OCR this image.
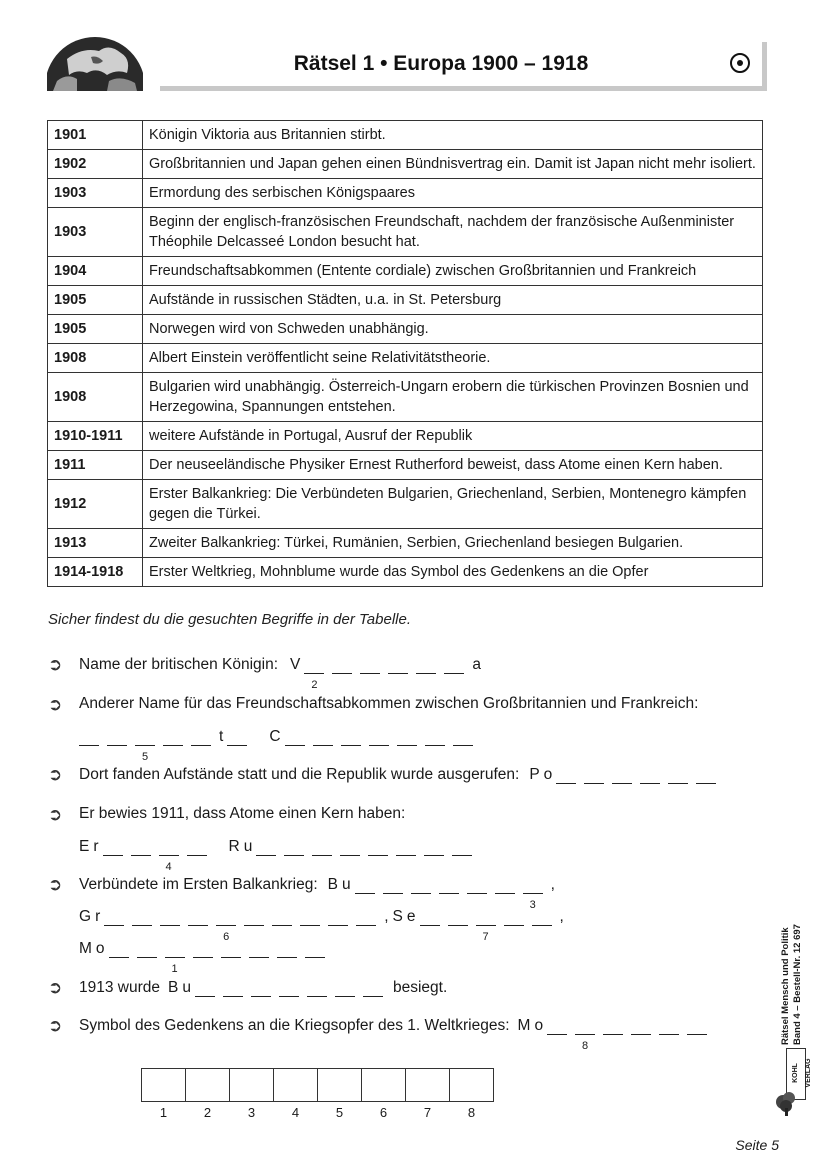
Rätsel 1 • Europa 1900 – 1918
1901	Königin Viktoria aus Britannien stirbt.
1902	Großbritannien und Japan gehen einen Bündnisvertrag ein. Damit ist Japan nicht mehr isoliert.
1903	Ermordung des serbischen Königspaares
1903	Beginn der englisch-französischen Freundschaft, nachdem der französische Außenminister Théophile Delcasseé London besucht hat.
1904	Freundschaftsabkommen (Entente cordiale) zwischen Großbritannien und Frankreich
1905	Aufstände in russischen Städten, u.a. in St. Petersburg
1905	Norwegen wird von Schweden unabhängig.
1908	Albert Einstein veröffentlicht seine Relativitätstheorie.
1908	Bulgarien wird unabhängig. Österreich-Ungarn erobern die türkischen Provinzen Bosnien und Herzegowina, Spannungen entstehen.
1910-1911	weitere Aufstände in Portugal, Ausruf der Republik
1911	Der neuseeländische Physiker Ernest Rutherford beweist, dass Atome einen Kern haben.
1912	Erster Balkankrieg: Die Verbündeten Bulgarien, Griechenland, Serbien, Montenegro kämpfen gegen die Türkei.
1913	Zweiter Balkankrieg: Türkei, Rumänien, Serbien, Griechenland besiegen Bulgarien.
1914-1918	Erster Weltkrieg, Mohnblume wurde das Symbol des Gedenkens an die Opfer
Sicher findest du die gesuchten Begriffe in der Tabelle.
➲ Name der britischen Königin: V
2
a
➲ Anderer Name für das Freundschaftsabkommen zwischen Großbritannien und Frankreich:
5
t	C
➲ Dort fanden Aufstände statt und die Republik wurde ausgerufen: P o
➲ Er bewies 1911, dass Atome einen Kern haben:
E r
4
R u
➲ Verbündete im Ersten Balkankrieg: B u
3
,
G r
6
, S e
7
,
M o
1
➲ 1913 wurde B u	besiegt.
➲ Symbol des Gedenkens an die Kriegsopfer des 1. Weltkrieges: M o
8
1	2	3	4	5	6	7	8
Rätsel Mensch und Politik Band 4 – Bestell-Nr. 12 697
KOHL VERLAG
Seite 5
